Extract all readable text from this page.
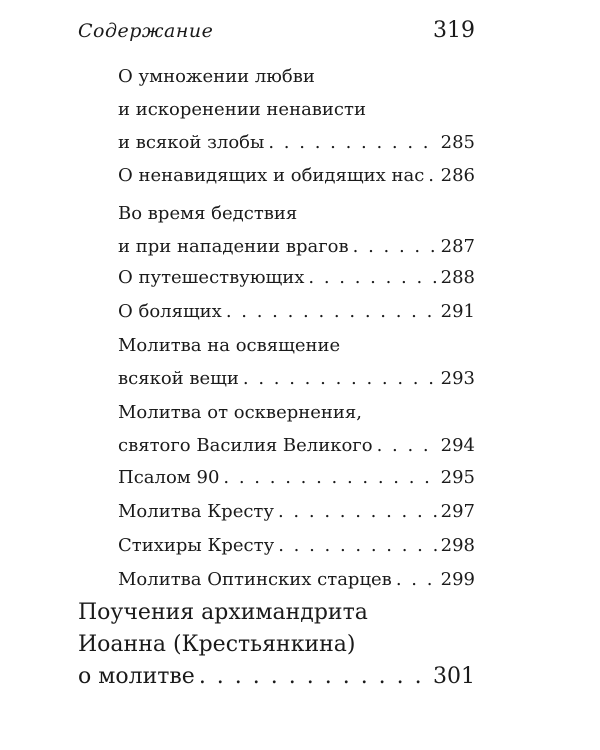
Содержание	319
О умножении любви
и искоренении ненависти
и всякой злобы . . .	285
О ненавидящих и обидящих нас . . . 286
Во время бедствия
и при нападении врагов . . .	287
О путешествующих . . .	288
О болящих . . .	291
Молитва на освящение
всякой вещи . . .	293
Молитва от осквернения,
святого Василия Великого . . .	294
Псалом 90 . . .	295
Молитва Кресту . . .	297
Стихиры Кресту . . .	298
Молитва Оптинских старцев . . .	299
Поучения архимандрита
Иоанна (Крестьянкина)
о молитве . . .	301
